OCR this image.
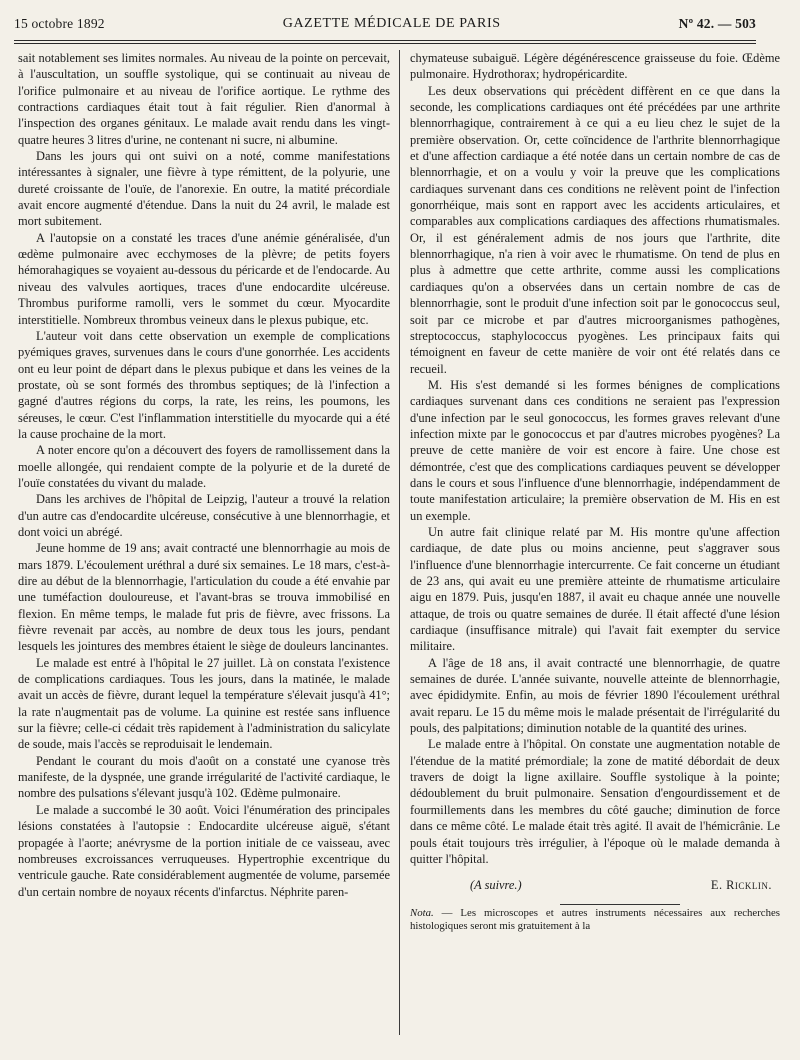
15 octobre 1892	GAZETTE MÉDICALE DE PARIS	Nº 42. — 503

sait notablement ses limites normales. Au niveau de la pointe on percevait, à l'auscultation, un souffle systolique, qui se continuait au niveau de l'orifice pulmonaire et au niveau de l'orifice aortique. Le rythme des contractions cardiaques était tout à fait régulier. Rien d'anormal à l'inspection des organes génitaux. Le malade avait rendu dans les vingt-quatre heures 3 litres d'urine, ne contenant ni sucre, ni albumine.

Dans les jours qui ont suivi on a noté, comme manifestations intéressantes à signaler, une fièvre à type rémittent, de la polyurie, une dureté croissante de l'ouïe, de l'anorexie. En outre, la matité précordiale avait encore augmenté d'étendue. Dans la nuit du 24 avril, le malade est mort subitement.

A l'autopsie on a constaté les traces d'une anémie généralisée, d'un œdème pulmonaire avec ecchymoses de la plèvre; de petits foyers hémorahagiques se voyaient au-dessous du péricarde et de l'endocarde. Au niveau des valvules aortiques, traces d'une endocardite ulcéreuse. Thrombus puriforme ramolli, vers le sommet du cœur. Myocardite interstitielle. Nombreux thrombus veineux dans le plexus pubique, etc.

L'auteur voit dans cette observation un exemple de complications pyémiques graves, survenues dans le cours d'une gonorrhée. Les accidents ont eu leur point de départ dans le plexus pubique et dans les veines de la prostate, où se sont formés des thrombus septiques; de là l'infection a gagné d'autres régions du corps, la rate, les reins, les poumons, les séreuses, le cœur. C'est l'inflammation interstitielle du myocarde qui a été la cause prochaine de la mort.

A noter encore qu'on a découvert des foyers de ramollissement dans la moelle allongée, qui rendaient compte de la polyurie et de la dureté de l'ouïe constatées du vivant du malade.

Dans les archives de l'hôpital de Leipzig, l'auteur a trouvé la relation d'un autre cas d'endocardite ulcéreuse, consécutive à une blennorrhagie, et dont voici un abrégé.

Jeune homme de 19 ans; avait contracté une blennorrhagie au mois de mars 1879. L'écoulement uréthral a duré six semaines. Le 18 mars, c'est-à-dire au début de la blennorrhagie, l'articulation du coude a été envahie par une tuméfaction douloureuse, et l'avant-bras se trouva immobilisé en flexion. En même temps, le malade fut pris de fièvre, avec frissons. La fièvre revenait par accès, au nombre de deux tous les jours, pendant lesquels les jointures des membres étaient le siège de douleurs lancinantes.

Le malade est entré à l'hôpital le 27 juillet. Là on constata l'existence de complications cardiaques. Tous les jours, dans la matinée, le malade avait un accès de fièvre, durant lequel la température s'élevait jusqu'à 41°; la rate n'augmentait pas de volume. La quinine est restée sans influence sur la fièvre; celle-ci cédait très rapidement à l'administration du salicylate de soude, mais l'accès se reproduisait le lendemain.

Pendant le courant du mois d'août on a constaté une cyanose très manifeste, de la dyspnée, une grande irrégularité de l'activité cardiaque, le nombre des pulsations s'élevant jusqu'à 102. Œdème pulmonaire.

Le malade a succombé le 30 août. Voici l'énumération des principales lésions constatées à l'autopsie : Endocardite ulcéreuse aiguë, s'étant propagée à l'aorte; anévrysme de la portion initiale de ce vaisseau, avec nombreuses excroissances verruqueuses. Hypertrophie excentrique du ventricule gauche. Rate considérablement augmentée de volume, parsemée d'un certain nombre de noyaux récents d'infarctus. Néphrite paren-

chymateuse subaiguë. Légère dégénérescence graisseuse du foie. Œdème pulmonaire. Hydrothorax; hydropéricardite.

Les deux observations qui précèdent diffèrent en ce que dans la seconde, les complications cardiaques ont été précédées par une arthrite blennorrhagique, contrairement à ce qui a eu lieu chez le sujet de la première observation. Or, cette coïncidence de l'arthrite blennorrhagique et d'une affection cardiaque a été notée dans un certain nombre de cas de blennorrhagie, et on a voulu y voir la preuve que les complications cardiaques survenant dans ces conditions ne relèvent point de l'infection gonorrhéique, mais sont en rapport avec les accidents articulaires, et comparables aux complications cardiaques des affections rhumatismales. Or, il est généralement admis de nos jours que l'arthrite, dite blennorrhagique, n'a rien à voir avec le rhumatisme. On tend de plus en plus à admettre que cette arthrite, comme aussi les complications cardiaques qu'on a observées dans un certain nombre de cas de blennorrhagie, sont le produit d'une infection soit par le gonococcus seul, soit par ce microbe et par d'autres microorganismes pathogènes, streptococcus, staphylococcus pyogènes. Les principaux faits qui témoignent en faveur de cette manière de voir ont été relatés dans ce recueil.

M. His s'est demandé si les formes bénignes de complications cardiaques survenant dans ces conditions ne seraient pas l'expression d'une infection par le seul gonococcus, les formes graves relevant d'une infection mixte par le gonococcus et par d'autres microbes pyogènes? La preuve de cette manière de voir est encore à faire. Une chose est démontrée, c'est que des complications cardiaques peuvent se développer dans le cours et sous l'influence d'une blennorrhagie, indépendamment de toute manifestation articulaire; la première observation de M. His en est un exemple.

Un autre fait clinique relaté par M. His montre qu'une affection cardiaque, de date plus ou moins ancienne, peut s'aggraver sous l'influence d'une blennorrhagie intercurrente. Ce fait concerne un étudiant de 23 ans, qui avait eu une première atteinte de rhumatisme articulaire aigu en 1879. Puis, jusqu'en 1887, il avait eu chaque année une nouvelle attaque, de trois ou quatre semaines de durée. Il était affecté d'une lésion cardiaque (insuffisance mitrale) qui l'avait fait exempter du service militaire.

A l'âge de 18 ans, il avait contracté une blennorrhagie, de quatre semaines de durée. L'année suivante, nouvelle atteinte de blennorrhagie, avec épididymite. Enfin, au mois de février 1890 l'écoulement uréthral avait reparu. Le 15 du même mois le malade présentait de l'irrégularité du pouls, des palpitations; diminution notable de la quantité des urines.

Le malade entre à l'hôpital. On constate une augmentation notable de l'étendue de la matité prémordiale; la zone de matité débordait de deux travers de doigt la ligne axillaire. Souffle systolique à la pointe; dédoublement du bruit pulmonaire. Sensation d'engourdissement et de fourmillements dans les membres du côté gauche; diminution de force dans ce même côté. Le malade était très agité. Il avait de l'hémicrânie. Le pouls était toujours très irrégulier, à l'époque où le malade demanda à quitter l'hôpital.

(A suivre.)	E. Ricklin.

Nota. — Les microscopes et autres instruments nécessaires aux recherches histologiques seront mis gratuitement à la
